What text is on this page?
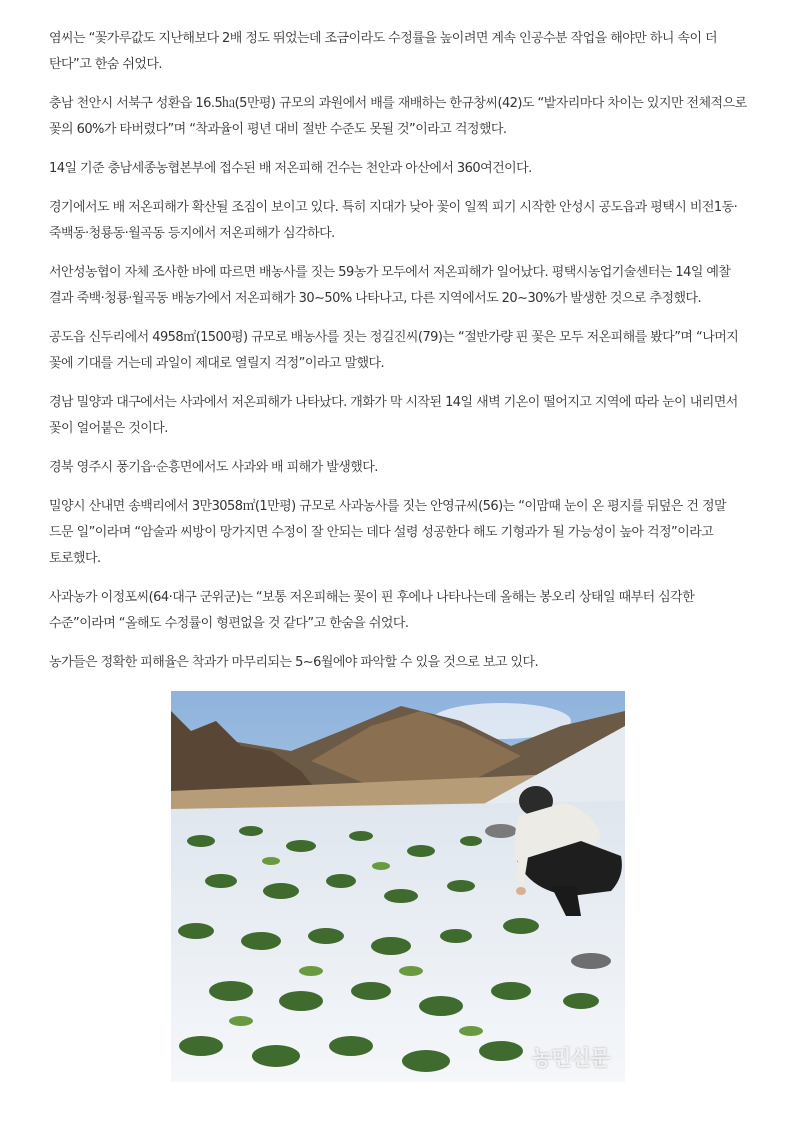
염씨는 “꽃가루값도 지난해보다 2배 정도 뛰었는데 조금이라도 수정률을 높이려면 계속 인공수분 작업을 해야만 하니 속이 더 탄다”고 한숨 쉬었다.

충남 천안시 서북구 성환읍 16.5㏊(5만평) 규모의 과원에서 배를 재배하는 한규창씨(42)도 “밭자리마다 차이는 있지만 전체적으로 꽃의 60%가 타버렸다”며 “착과율이 평년 대비 절반 수준도 못될 것”이라고 걱정했다.

14일 기준 충남세종농협본부에 접수된 배 저온피해 건수는 천안과 아산에서 360여건이다.

경기에서도 배 저온피해가 확산될 조짐이 보이고 있다. 특히 지대가 낮아 꽃이 일찍 피기 시작한 안성시 공도읍과 평택시 비전1동·죽백동·청룡동·월곡동 등지에서 저온피해가 심각하다.

서안성농협이 자체 조사한 바에 따르면 배농사를 짓는 59농가 모두에서 저온피해가 일어났다. 평택시농업기술센터는 14일 예찰 결과 죽백·청룡·월곡동 배농가에서 저온피해가 30∼50% 나타나고, 다른 지역에서도 20∼30%가 발생한 것으로 추정했다.

공도읍 신두리에서 4958㎡(1500평) 규모로 배농사를 짓는 정길진씨(79)는 “절반가량 핀 꽃은 모두 저온피해를 봤다”며 “나머지 꽃에 기대를 거는데 과일이 제대로 열릴지 걱정”이라고 말했다.

경남 밀양과 대구에서는 사과에서 저온피해가 나타났다. 개화가 막 시작된 14일 새벽 기온이 떨어지고 지역에 따라 눈이 내리면서 꽃이 얼어붙은 것이다.

경북 영주시 풍기읍·순흥면에서도 사과와 배 피해가 발생했다.

밀양시 산내면 송백리에서 3만3058㎡(1만평) 규모로 사과농사를 짓는 안영규씨(56)는 “이맘때 눈이 온 평지를 뒤덮은 건 정말 드문 일”이라며 “암술과 씨방이 망가지면 수정이 잘 안되는 데다 설령 성공한다 해도 기형과가 될 가능성이 높아 걱정”이라고 토로했다.

사과농가 이정포씨(64·대구 군위군)는 “보통 저온피해는 꽃이 핀 후에나 나타나는데 올해는 봉오리 상태일 때부터 심각한 수준”이라며 “올해도 수정률이 형편없을 것 같다”고 한숨을 쉬었다.

농가들은 정확한 피해율은 착과가 마무리되는 5∼6월에야 파악할 수 있을 것으로 보고 있다.

농민신문
